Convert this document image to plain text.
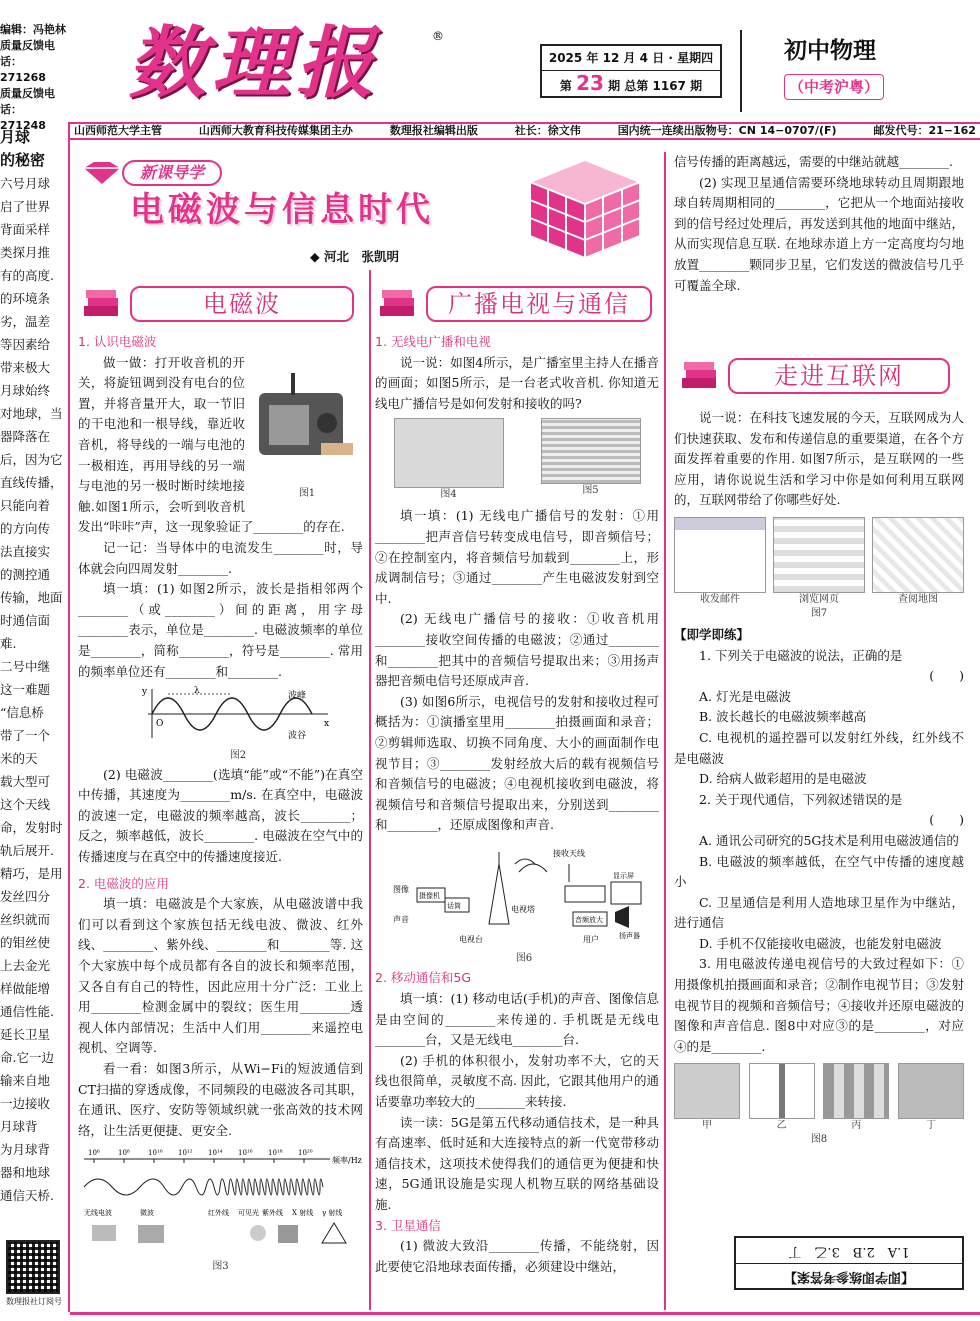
编辑：冯艳林

质量反馈电话：

271268

质量反馈电话：

271248

数理报	®
2025 年 12 月 4 日 · 星期四
第 23 期 总第 1167 期
初中物理
（中考沪粤）
山西师范大学主管	山西师大教育科技传媒集团主办	数理报社编辑出版	社长：徐文伟	国内统一连续出版物号：CN 14−0707/(F)	邮发代号：21−162

月球

的秘密

六号月球

启了世界

背面采样

类探月推

有的高度.

的环境条

劣，温差

等因素给

带来极大

月球始终

对地球，当

器降落在

后，因为它

直线传播，

只能向着

的方向传

法直接实

的测控通

传输，地面

时通信面

难.

二号中继

这一难题

“信息桥

带了一个

米的天

载大型可

这个天线

命，发射时

轨后展开.

精巧，是用

发丝四分

丝织就而

的钼丝使

上去金光

样做能增

通信性能.

延长卫星

命.它一边

输来自地

一边接收

月球背

为月球背

器和地球

通信天桥.

数理报社订阅号
新课导学
电磁波与信息时代
◆ 河北　张凯明
电磁波
1. 认识电磁波
图1

做一做：打开收音机的开关，将旋钮调到没有电台的位置，并将音量开大，取一节旧的干电池和一根导线，靠近收音机，将导线的一端与电池的一极相连，再用导线的另一端与电池的另一极时断时续地接触.如图1所示，会听到收音机发出“咔咔”声，这一现象验证了________的存在.

记一记：当导体中的电流发生________时，导体就会向四周发射________.

填一填：(1) 如图2所示，波长是指相邻两个________（或________）间的距离，用字母________表示，单位是________. 电磁波频率的单位是________，简称________，符号是________. 常用的频率单位还有________和________.

O	x
y	λ	波峰
波谷
图2

(2) 电磁波________(选填“能”或“不能”)在真空中传播，其速度为________m/s. 在真空中，电磁波的波速一定，电磁波的频率越高，波长________；反之，频率越低，波长________. 电磁波在空气中的传播速度与在真空中的传播速度接近.

2. 电磁波的应用

填一填：电磁波是个大家族，从电磁波谱中我们可以看到这个家族包括无线电波、微波、红外线、________、紫外线、________和________等. 这个大家族中每个成员都有各自的波长和频率范围，又各自有自己的特性，因此应用十分广泛：工业上用________检测金属中的裂纹；医生用________透视人体内部情况；生活中人们用________来遥控电视机、空调等.

看一看：如图3所示，从Wi−Fi的短波通信到CT扫描的穿透成像，不同频段的电磁波各司其职，在通讯、医疗、安防等领域织就一张高效的技术网络，让生活更便捷、更安全.

10⁶	10⁸	10¹⁰ 10¹² 10¹⁴ 10¹⁶ 10¹⁸ 10²⁰
频率/Hz
无线电波	微波	红外线 可见光 紫外线 X 射线 γ 射线
图3
广播电视与通信
1. 无线电广播和电视

说一说：如图4所示，是广播室里主持人在播音的画面；如图5所示，是一台老式收音机. 你知道无线电广播信号是如何发射和接收的吗?

图4	图5

填一填：(1) 无线电广播信号的发射：①用________把声音信号转变成电信号，即音频信号；②在控制室内，将音频信号加载到________上，形成调制信号；③通过________产生电磁波发射到空中.

(2) 无线电广播信号的接收：①收音机用________接收空间传播的电磁波；②通过________和________把其中的音频信号提取出来；③用扬声器把音频电信号还原成声音.

(3) 如图6所示，电视信号的发射和接收过程可概括为：①演播室里用________拍摄画面和录音；②剪辑师选取、切换不同角度、大小的画面制作电视节目；③________发射经放大后的载有视频信号和音频信号的电磁波；④电视机接收到电磁波，将视频信号和音频信号提取出来，分别送到________和________，还原成图像和声音.

图像
声音
摄像机
话筒	电视塔
电视台
接收天线
显示屏
音频放大
扬声器
用户
图6
2. 移动通信和5G

填一填：(1) 移动电话(手机)的声音、图像信息是由空间的________来传递的. 手机既是无线电________台，又是无线电________台.

(2) 手机的体积很小，发射功率不大，它的天线也很简单，灵敏度不高. 因此，它跟其他用户的通话要靠功率较大的________来转接.

读一读：5G是第五代移动通信技术，是一种具有高速率、低时延和大连接特点的新一代宽带移动通信技术，这项技术使得我们的通信更为便捷和快速，5G通讯设施是实现人机物互联的网络基础设施.

3. 卫星通信

(1) 微波大致沿________传播，不能绕射，因此要使它沿地球表面传播，必须建设中继站，

信号传播的距离越远，需要的中继站就越________.

(2) 实现卫星通信需要环绕地球转动且周期跟地球自转周期相同的________，它把从一个地面站接收到的信号经过处理后，再发送到其他的地面中继站，从而实现信息互联. 在地球赤道上方一定高度均匀地放置________颗同步卫星，它们发送的微波信号几乎可覆盖全球.

走进互联网

说一说：在科技飞速发展的今天，互联网成为人们快速获取、发布和传递信息的重要渠道，在各个方面发挥着重要的作用. 如图7所示，是互联网的一些应用，请你说说生活和学习中你是如何利用互联网的，互联网带给了你哪些好处.

收发邮件	浏览网页	查阅地图
图7

【即学即练】

1. 下列关于电磁波的说法，正确的是

(　　)

A. 灯光是电磁波

B. 波长越长的电磁波频率越高

C. 电视机的遥控器可以发射红外线，红外线不是电磁波

D. 给病人做彩超用的是电磁波

2. 关于现代通信，下列叙述错误的是

(　　)

A. 通讯公司研究的5G技术是利用电磁波通信的

B. 电磁波的频率越低，在空气中传播的速度越小

C. 卫星通信是利用人造地球卫星作为中继站，进行通信

D. 手机不仅能接收电磁波，也能发射电磁波

3. 用电磁波传递电视信号的大致过程如下：①用摄像机拍摄画面和录音；②制作电视节目；③发射电视节目的视频和音频信号；④接收并还原电磁波的图像和声音信息. 图8中对应③的是________，对应④的是________.

甲	乙	丙	丁
图8
【即学即练参考答案】
1.A　2.B　3.乙　丁
